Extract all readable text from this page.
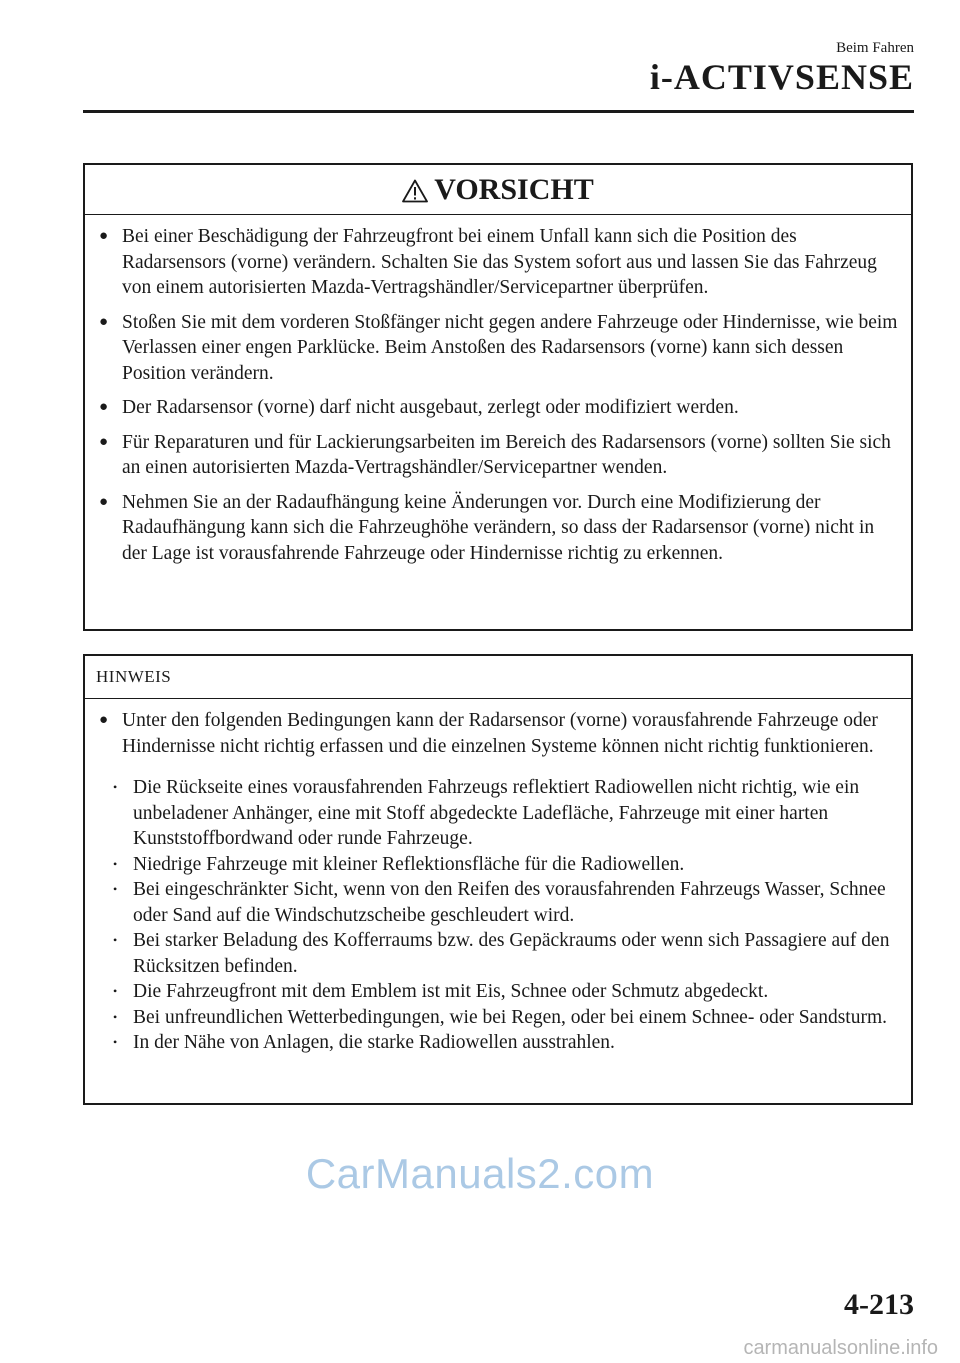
Beim Fahren
i-ACTIVSENSE
VORSICHT
● Bei einer Beschädigung der Fahrzeugfront bei einem Unfall kann sich die Position des Radarsensors (vorne) verändern. Schalten Sie das System sofort aus und lassen Sie das Fahrzeug von einem autorisierten Mazda-Vertragshändler/Servicepartner überprüfen.
● Stoßen Sie mit dem vorderen Stoßfänger nicht gegen andere Fahrzeuge oder Hindernisse, wie beim Verlassen einer engen Parklücke. Beim Anstoßen des Radarsensors (vorne) kann sich dessen Position verändern.
● Der Radarsensor (vorne) darf nicht ausgebaut, zerlegt oder modifiziert werden.
● Für Reparaturen und für Lackierungsarbeiten im Bereich des Radarsensors (vorne) sollten Sie sich an einen autorisierten Mazda-Vertragshändler/Servicepartner wenden.
● Nehmen Sie an der Radaufhängung keine Änderungen vor. Durch eine Modifizierung der Radaufhängung kann sich die Fahrzeughöhe verändern, so dass der Radarsensor (vorne) nicht in der Lage ist vorausfahrende Fahrzeuge oder Hindernisse richtig zu erkennen.
HINWEIS
● Unter den folgenden Bedingungen kann der Radarsensor (vorne) vorausfahrende Fahrzeuge oder Hindernisse nicht richtig erfassen und die einzelnen Systeme können nicht richtig funktionieren.
• Die Rückseite eines vorausfahrenden Fahrzeugs reflektiert Radiowellen nicht richtig, wie ein unbeladener Anhänger, eine mit Stoff abgedeckte Ladefläche, Fahrzeuge mit einer harten Kunststoffbordwand oder runde Fahrzeuge.
• Niedrige Fahrzeuge mit kleiner Reflektionsfläche für die Radiowellen.
• Bei eingeschränkter Sicht, wenn von den Reifen des vorausfahrenden Fahrzeugs Wasser, Schnee oder Sand auf die Windschutzscheibe geschleudert wird.
• Bei starker Beladung des Kofferraums bzw. des Gepäckraums oder wenn sich Passagiere auf den Rücksitzen befinden.
• Die Fahrzeugfront mit dem Emblem ist mit Eis, Schnee oder Schmutz abgedeckt.
• Bei unfreundlichen Wetterbedingungen, wie bei Regen, oder bei einem Schnee- oder Sandsturm.
• In der Nähe von Anlagen, die starke Radiowellen ausstrahlen.
CarManuals2.com
4-213
carmanualsonline.info
